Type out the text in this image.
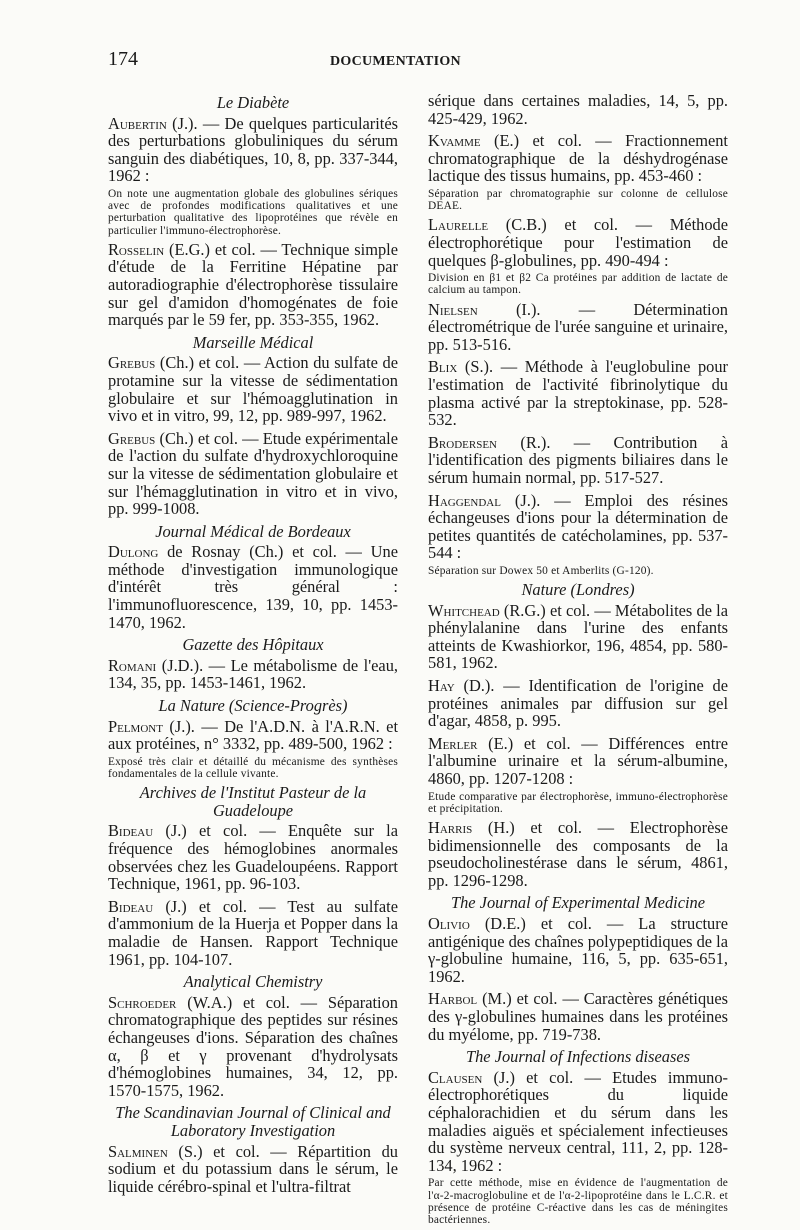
174	DOCUMENTATION
Le Diabète
Aubertin (J.). — De quelques particularités des perturbations globuliniques du sérum sanguin des diabétiques, 10, 8, pp. 337-344, 1962 :
On note une augmentation globale des globulines sériques avec de profondes modifications qualitatives et une perturbation qualitative des lipoprotéines que révèle en particulier l'immuno-électrophorèse.
Rosselin (E.G.) et col. — Technique simple d'étude de la Ferritine Hépatine par autoradiographie d'électrophorèse tissulaire sur gel d'amidon d'homogénates de foie marqués par le 59 fer, pp. 353-355, 1962.
Marseille Médical
Grebus (Ch.) et col. — Action du sulfate de protamine sur la vitesse de sédimentation globulaire et sur l'hémoagglutination in vivo et in vitro, 99, 12, pp. 989-997, 1962.
Grebus (Ch.) et col. — Etude expérimentale de l'action du sulfate d'hydroxychloroquine sur la vitesse de sédimentation globulaire et sur l'hémagglutination in vitro et in vivo, pp. 999-1008.
Journal Médical de Bordeaux
Dulong de Rosnay (Ch.) et col. — Une méthode d'investigation immunologique d'intérêt très général : l'immunofluorescence, 139, 10, pp. 1453-1470, 1962.
Gazette des Hôpitaux
Romani (J.D.). — Le métabolisme de l'eau, 134, 35, pp. 1453-1461, 1962.
La Nature (Science-Progrès)
Pelmont (J.). — De l'A.D.N. à l'A.R.N. et aux protéines, n° 3332, pp. 489-500, 1962 :
Exposé très clair et détaillé du mécanisme des synthèses fondamentales de la cellule vivante.
Archives de l'Institut Pasteur de la Guadeloupe
Bideau (J.) et col. — Enquête sur la fréquence des hémoglobines anormales observées chez les Guadeloupéens. Rapport Technique, 1961, pp. 96-103.
Bideau (J.) et col. — Test au sulfate d'ammonium de la Huerja et Popper dans la maladie de Hansen. Rapport Technique 1961, pp. 104-107.
Analytical Chemistry
Schroeder (W.A.) et col. — Séparation chromatographique des peptides sur résines échangeuses d'ions. Séparation des chaînes α, β et γ provenant d'hydrolysats d'hémoglobines humaines, 34, 12, pp. 1570-1575, 1962.
The Scandinavian Journal of Clinical and Laboratory Investigation
Salminen (S.) et col. — Répartition du sodium et du potassium dans le sérum, le liquide cérébro-spinal et l'ultra-filtrat
sérique dans certaines maladies, 14, 5, pp. 425-429, 1962.
Kvamme (E.) et col. — Fractionnement chromatographique de la déshydrogénase lactique des tissus humains, pp. 453-460 :
Séparation par chromatographie sur colonne de cellulose DEAE.
Laurelle (C.B.) et col. — Méthode électrophorétique pour l'estimation de quelques β-globulines, pp. 490-494 :
Division en β1 et β2 Ca protéines par addition de lactate de calcium au tampon.
Nielsen (I.). — Détermination électrométrique de l'urée sanguine et urinaire, pp. 513-516.
Blix (S.). — Méthode à l'euglobuline pour l'estimation de l'activité fibrinolytique du plasma activé par la streptokinase, pp. 528-532.
Brodersen (R.). — Contribution à l'identification des pigments biliaires dans le sérum humain normal, pp. 517-527.
Haggendal (J.). — Emploi des résines échangeuses d'ions pour la détermination de petites quantités de catécholamines, pp. 537-544 :
Séparation sur Dowex 50 et Amberlits (G-120).
Nature (Londres)
Whitchead (R.G.) et col. — Métabolites de la phénylalanine dans l'urine des enfants atteints de Kwashiorkor, 196, 4854, pp. 580-581, 1962.
Hay (D.). — Identification de l'origine de protéines animales par diffusion sur gel d'agar, 4858, p. 995.
Merler (E.) et col. — Différences entre l'albumine urinaire et la sérum-albumine, 4860, pp. 1207-1208 :
Etude comparative par électrophorèse, immuno-électrophorèse et précipitation.
Harris (H.) et col. — Electrophorèse bidimensionnelle des composants de la pseudocholinestérase dans le sérum, 4861, pp. 1296-1298.
The Journal of Experimental Medicine
Olivio (D.E.) et col. — La structure antigénique des chaînes polypeptidiques de la γ-globuline humaine, 116, 5, pp. 635-651, 1962.
Harbol (M.) et col. — Caractères génétiques des γ-globulines humaines dans les protéines du myélome, pp. 719-738.
The Journal of Infections diseases
Clausen (J.) et col. — Etudes immuno-électrophorétiques du liquide céphalorachidien et du sérum dans les maladies aiguës et spécialement infectieuses du système nerveux central, 111, 2, pp. 128-134, 1962 :
Par cette méthode, mise en évidence de l'augmentation de l'α-2-macroglobuline et de l'α-2-lipoprotéine dans le L.C.R. et présence de protéine C-réactive dans les cas de méningites bactériennes.
